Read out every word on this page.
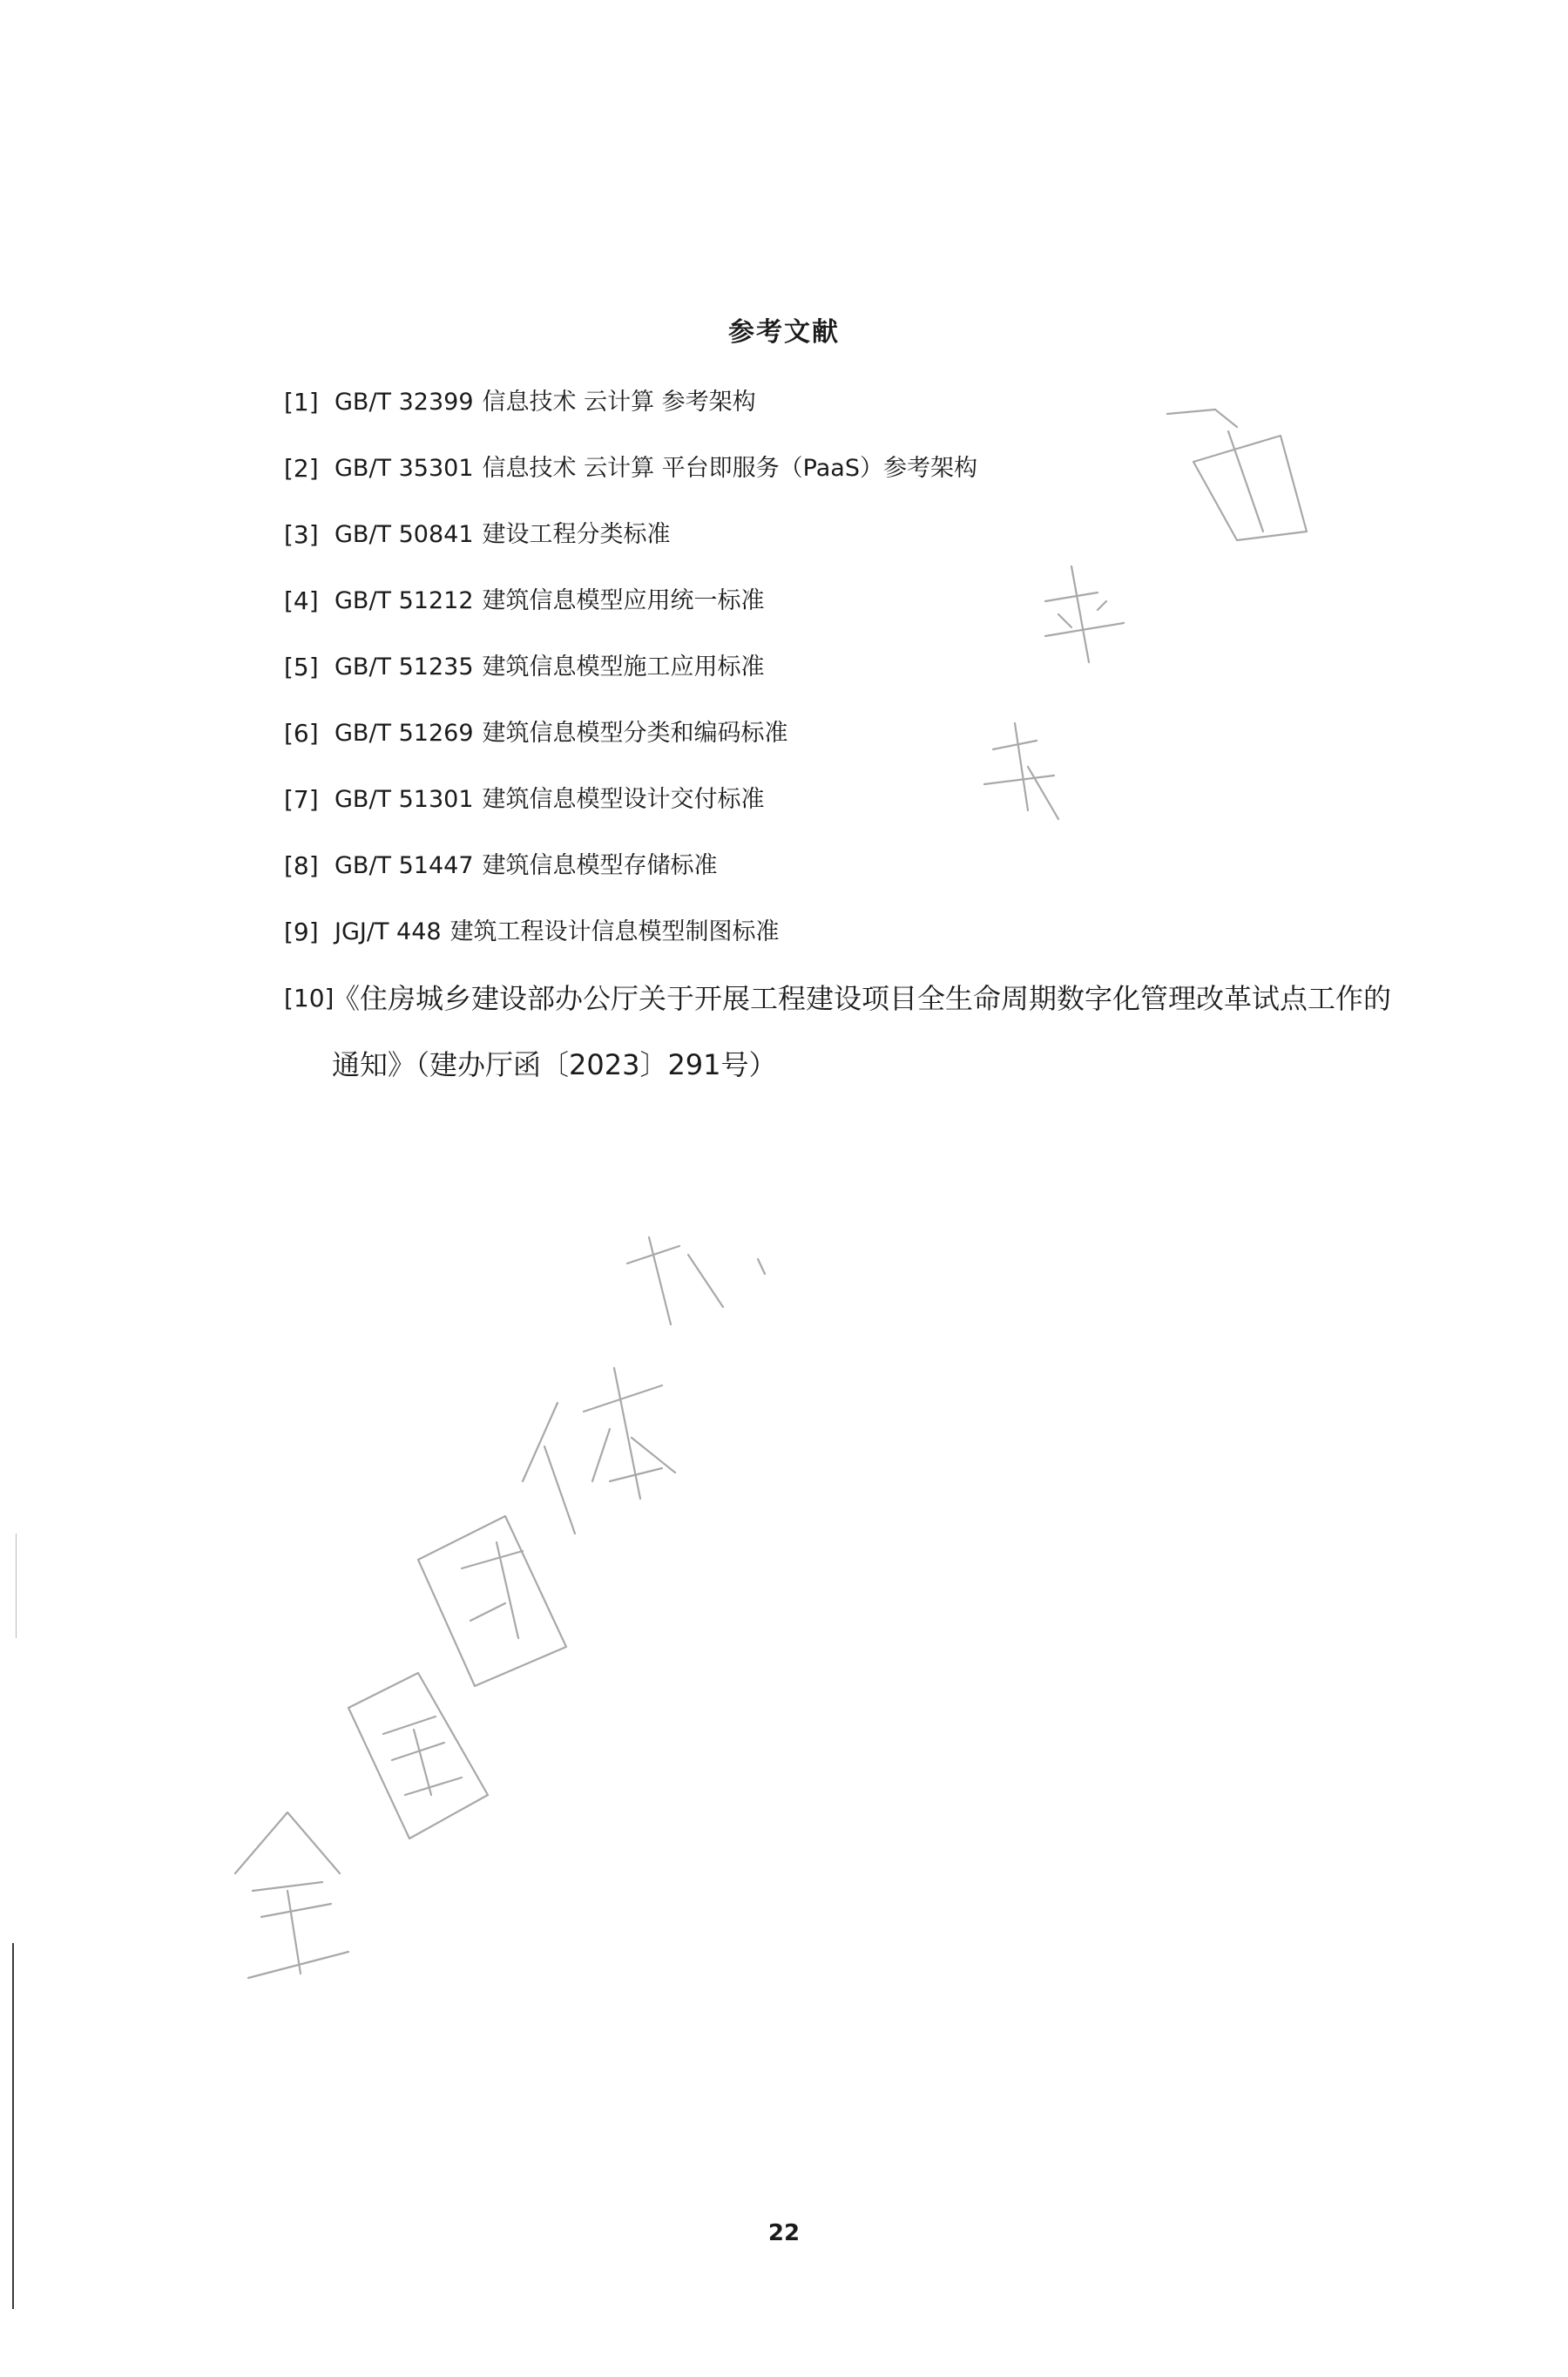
参考文献
[1] GB/T 32399 信息技术 云计算 参考架构
[2] GB/T 35301 信息技术 云计算 平台即服务（PaaS）参考架构
[3] GB/T 50841 建设工程分类标准
[4] GB/T 51212 建筑信息模型应用统一标准
[5] GB/T 51235 建筑信息模型施工应用标准
[6] GB/T 51269 建筑信息模型分类和编码标准
[7] GB/T 51301 建筑信息模型设计交付标准
[8] GB/T 51447 建筑信息模型存储标准
[9] JGJ/T 448 建筑工程设计信息模型制图标准
[10]
《住房城乡建设部办公厅关于开展工程建设项目全生命周期数字化管理改革试点工作的通知》（建办厅函〔2023〕291号）
22
